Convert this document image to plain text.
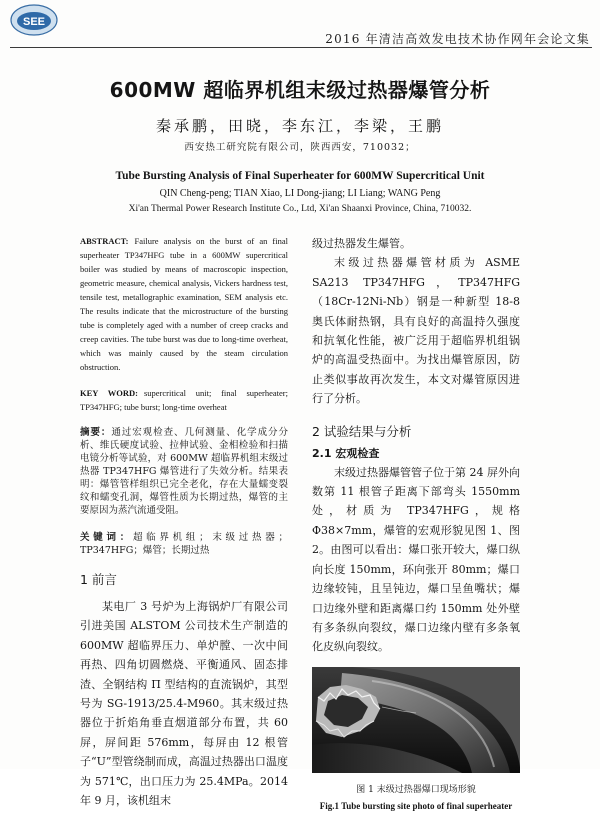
SEE
2016 年清洁高效发电技术协作网年会论文集
600MW 超临界机组末级过热器爆管分析
秦承鹏，田晓，李东江，李梁，王鹏
西安热工研究院有限公司，陕西西安，710032；
Tube Bursting Analysis of Final Superheater for 600MW Supercritical Unit
QIN Cheng-peng; TIAN Xiao, LI Dong-jiang; LI Liang; WANG Peng
Xi'an Thermal Power Research Institute Co., Ltd, Xi'an Shaanxi Province, China, 710032.

ABSTRACT: Failure analysis on the burst of an final superheater TP347HFG tube in a 600MW supercritical boiler was studied by means of macroscopic inspection, geometric measure, chemical analysis, Vickers hardness test, tensile test, metallographic examination, SEM analysis etc. The results indicate that the microstructure of the bursting tube is completely aged with a number of creep cracks and creep cavities. The tube burst was due to long-time overheat, which was mainly caused by the steam circulation obstruction.

KEY WORD: supercritical unit; final superheater; TP347HFG; tube burst; long-time overheat

摘要：通过宏观检查、几何测量、化学成分分析、维氏硬度试验、拉伸试验、金相检验和扫描电镜分析等试验，对 600MW 超临界机组末级过热器 TP347HFG 爆管进行了失效分析。结果表明：爆管管样组织已完全老化，存在大量蠕变裂纹和蠕变孔洞，爆管性质为长期过热，爆管的主要原因为蒸汽流通受阻。

关键词：超临界机组；末级过热器；TP347HFG；爆管；长期过热

1 前言

某电厂 3 号炉为上海锅炉厂有限公司引进美国 ALSTOM 公司技术生产制造的 600MW 超临界压力、单炉膛、一次中间再热、四角切圆燃烧、平衡通风、固态排渣、全钢结构 Π 型结构的直流锅炉，其型号为 SG-1913/25.4-M960。其末级过热器位于折焰角垂直烟道部分布置，共 60 屏，屏间距 576mm，每屏由 12 根管子“U”型管绕制而成，高温过热器出口温度为 571℃，出口压力为 25.4MPa。2014 年 9 月，该机组末

级过热器发生爆管。

末级过热器爆管材质为 ASME SA213 TP347HFG，TP347HFG（18Cr-12Ni-Nb）钢是一种新型 18-8 奥氏体耐热钢，具有良好的高温持久强度和抗氧化性能，被广泛用于超临界机组锅炉的高温受热面中。为找出爆管原因，防止类似事故再次发生，本文对爆管原因进行了分析。

2 试验结果与分析
2.1 宏观检查

末级过热器爆管管子位于第 24 屏外向数第 11 根管子距离下部弯头 1550mm 处，材质为 TP347HFG，规格 Φ38×7mm，爆管的宏观形貌见图 1、图 2。由图可以看出：爆口张开较大，爆口纵向长度 150mm，环向张开 80mm；爆口边缘较钝，且呈钝边，爆口呈鱼嘴状；爆口边缘外壁和距离爆口约 150mm 处外壁有多条纵向裂纹，爆口边缘内壁有多条氧化皮纵向裂纹。

图 1 末级过热器爆口现场形貌

Fig.1 Tube bursting site photo of final superheater
